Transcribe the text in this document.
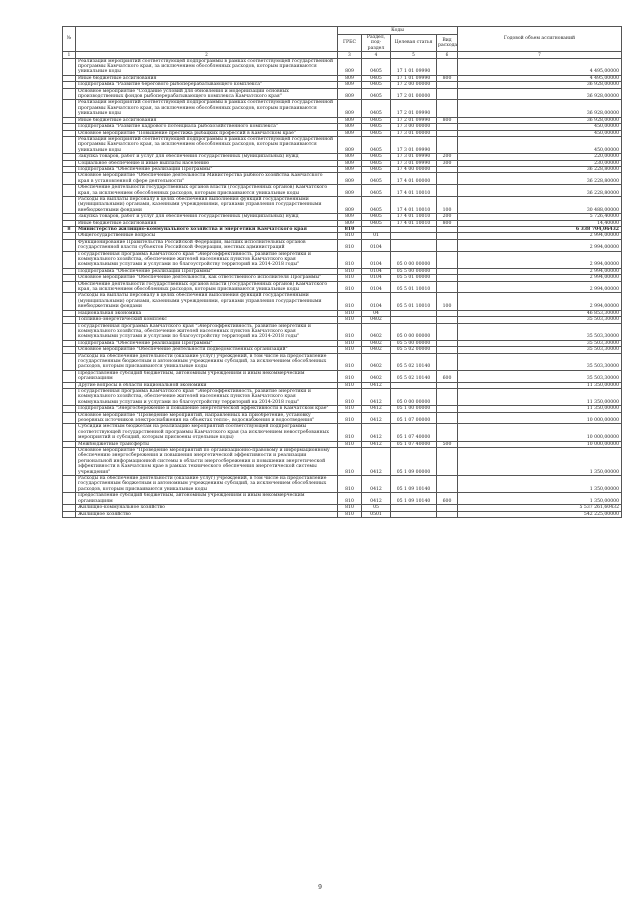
№		Коды				Годовой объем ассигнований
		ГРБС	Раздел, под-раздел	Целевая статья	Вид расхода	
1	2	3	4	5	6	7
	Реализация мероприятий соответствующей подпрограммы в рамках соответствующей государственной программы Камчатского края, за исключением обособленных расходов, которым присваиваются уникальные коды	809	0405	17 1 01 09990		4 495,00000
	Иные бюджетные ассигнования	809	0405	17 1 01 09990	800	4 495,00000
	Подпрограмма "Развитие берегового рыбоперерабатывающего комплекса"	809	0405	17 2 00 00000		36 928,00000
	Основное мероприятие "Создание условий для обновления и модернизации основных производственных фондов рыбоперерабатывающего комплекса Камчатского края"	809	0405	17 2 01 00000		36 928,00000
	Реализация мероприятий соответствующей подпрограммы в рамках соответствующей государственной программы Камчатского края, за исключением обособленных расходов, которым присваиваются уникальные коды	809	0405	17 2 01 09990		36 928,00000
	Иные бюджетные ассигнования	809	0405	17 2 01 09990	800	36 928,00000
	Подпрограмма "Развитие кадрового потенциала рыбохозяйственного комплекса"	809	0405	17 3 00 00000		450,00000
	Основное мероприятие "Повышение престижа рыбацких профессий в Камчатском крае"	809	0405	17 3 01 00000		450,00000
	Реализация мероприятий соответствующей подпрограммы в рамках соответствующей государственной программы Камчатского края, за исключением обособленных расходов, которым присваиваются уникальные коды	809	0405	17 3 01 09990		450,00000
	Закупка товаров, работ и услуг для обеспечения государственных (муниципальных) нужд	809	0405	17 3 01 09990	200	220,00000
	Социальное обеспечение и иные выплаты населению	809	0405	17 3 01 09990	300	230,00000
	Подпрограмма "Обеспечение реализации Программы"	809	0405	17 4 00 00000		36 228,80000
	Основное мероприятие "Обеспечение деятельности Министерства рыбного хозяйства Камчатского края в установленной сфере деятельности"	809	0405	17 4 01 00000		36 228,80000
	Обеспечение деятельности государственных органов власти (государственных органов) Камчатского края, за исключением обособленных расходов, которым присваиваются уникальные коды	809	0405	17 4 01 10010		36 228,80000
	Расходы на выплаты персоналу в целях обеспечения выполнения функций государственными (муниципальными) органами, казенными учреждениями, органами управления государственными внебюджетными фондами	809	0405	17 4 01 10010	100	30 488,00000
	Закупка товаров, работ и услуг для обеспечения государственных (муниципальных) нужд	809	0405	17 4 01 10010	200	5 726,40000
	Иные бюджетные ассигнования	809	0405	17 4 01 10010	800	14,40000
8	Министерство жилищно-коммунального хозяйства и энергетики Камчатского края	810				6 338 704,06432
	Общегосударственные вопросы	810	01			2 994,00000
	Функционирование Правительства Российской Федерации, высших исполнительных органов государственной власти субъектов Российской Федерации, местных администраций	810	0104			2 994,00000
	Государственная программа Камчатского края "Энергоэффективность, развитие энергетики и коммунального хозяйства, обеспечение жителей населенных пунктов Камчатского края коммунальными услугами и услугами по благоустройству территорий на 2014-2018 годы"	810	0104	05 0 00 00000		2 994,00000
	Подпрограмма "Обеспечение реализации Программы"	810	0104	05 5 00 00000		2 994,00000
	Основное мероприятие "Обеспечение деятельности, как ответственного исполнителя Программы"	810	0104	05 5 01 00000		2 994,00000
	Обеспечение деятельности государственных органов власти (государственных органов) Камчатского края, за исключением обособленных расходов, которым присваиваются уникальные коды	810	0104	05 5 01 10010		2 994,00000
	Расходы на выплаты персоналу в целях обеспечения выполнения функций государственными (муниципальными) органами, казенными учреждениями, органами управления государственными внебюджетными фондами	810	0104	05 5 01 10010	100	2 994,00000
	Национальная экономика	810	04			46 853,30000
	Топливно-энергетический комплекс	810	0402			35 503,30000
	Государственная программа Камчатского края "Энергоэффективность, развитие энергетики и коммунального хозяйства, обеспечение жителей населенных пунктов Камчатского края коммунальными услугами и услугами по благоустройству территорий на 2014-2018 годы"	810	0402	05 0 00 00000		35 503,30000
	Подпрограмма "Обеспечение реализации Программы"	810	0402	05 5 00 00000		35 503,30000
	Основное мероприятие "Обеспечение деятельности подведомственных организаций"	810	0402	05 5 02 00000		35 503,30000
	Расходы на обеспечение деятельности (оказание услуг) учреждений, в том числе на предоставление государственным бюджетным и автономным учреждениям субсидий, за исключением обособленных расходов, которым присваиваются уникальные коды	810	0402	05 5 02 10140		35 503,30000
	Предоставление субсидий бюджетным, автономным учреждениям и иным некоммерческим организациям	810	0402	05 5 02 10140	600	35 503,30000
	Другие вопросы в области национальной экономики	810	0412			11 350,00000
	Государственная программа Камчатского края "Энергоэффективность, развитие энергетики и коммунального хозяйства, обеспечение жителей населенных пунктов Камчатского края коммунальными услугами и услугами по благоустройству территорий на 2014-2018 годы"	810	0412	05 0 00 00000		11 350,00000
	Подпрограмма "Энергосбережение и повышение энергетической эффективности в Камчатском крае"	810	0412	05 1 00 00000		11 350,00000
	Основное мероприятие "Проведение мероприятий, направленных на приобретение, установку резервных источников электроснабжения на объектах тепло-, водоснабжения и водоотведения"	810	0412	05 1 07 00000		10 000,00000
	Субсидии местным бюджетам на реализацию мероприятий соответствующей подпрограммы соответствующей государственной программы Камчатского края (за исключением невостребованных мероприятий и субсидий, которым присвоены отдельные коды)	810	0412	05 1 07 40000		10 000,00000
	Межбюджетные трансферты	810	0412	05 1 07 40000	500	10 000,00000
	Основное мероприятие "Проведение мероприятий по организационно-правовому и информационному обеспечению энергосбережения и повышения энергетической эффективности и реализации региональной информационной системы в области энергосбережения и повышения энергетической эффективности в Камчатском крае в рамках технического обеспечения энергетической системы учреждения"	810	0412	05 1 09 00000		1 350,00000
	Расходы на обеспечение деятельности (оказание услуг) учреждений, в том числе на предоставление государственным бюджетным и автономным учреждениям субсидий, за исключением обособленных расходов, которым присваиваются уникальные коды	810	0412	05 1 09 10140		1 350,00000
	Предоставление субсидий бюджетным, автономным учреждениям и иным некоммерческим организациям	810	0412	05 1 09 10140	600	1 350,00000
	Жилищно-коммунальное хозяйство	810	05			5 537 261,60432
	Жилищное хозяйство	810	0501			542 225,00000
9
